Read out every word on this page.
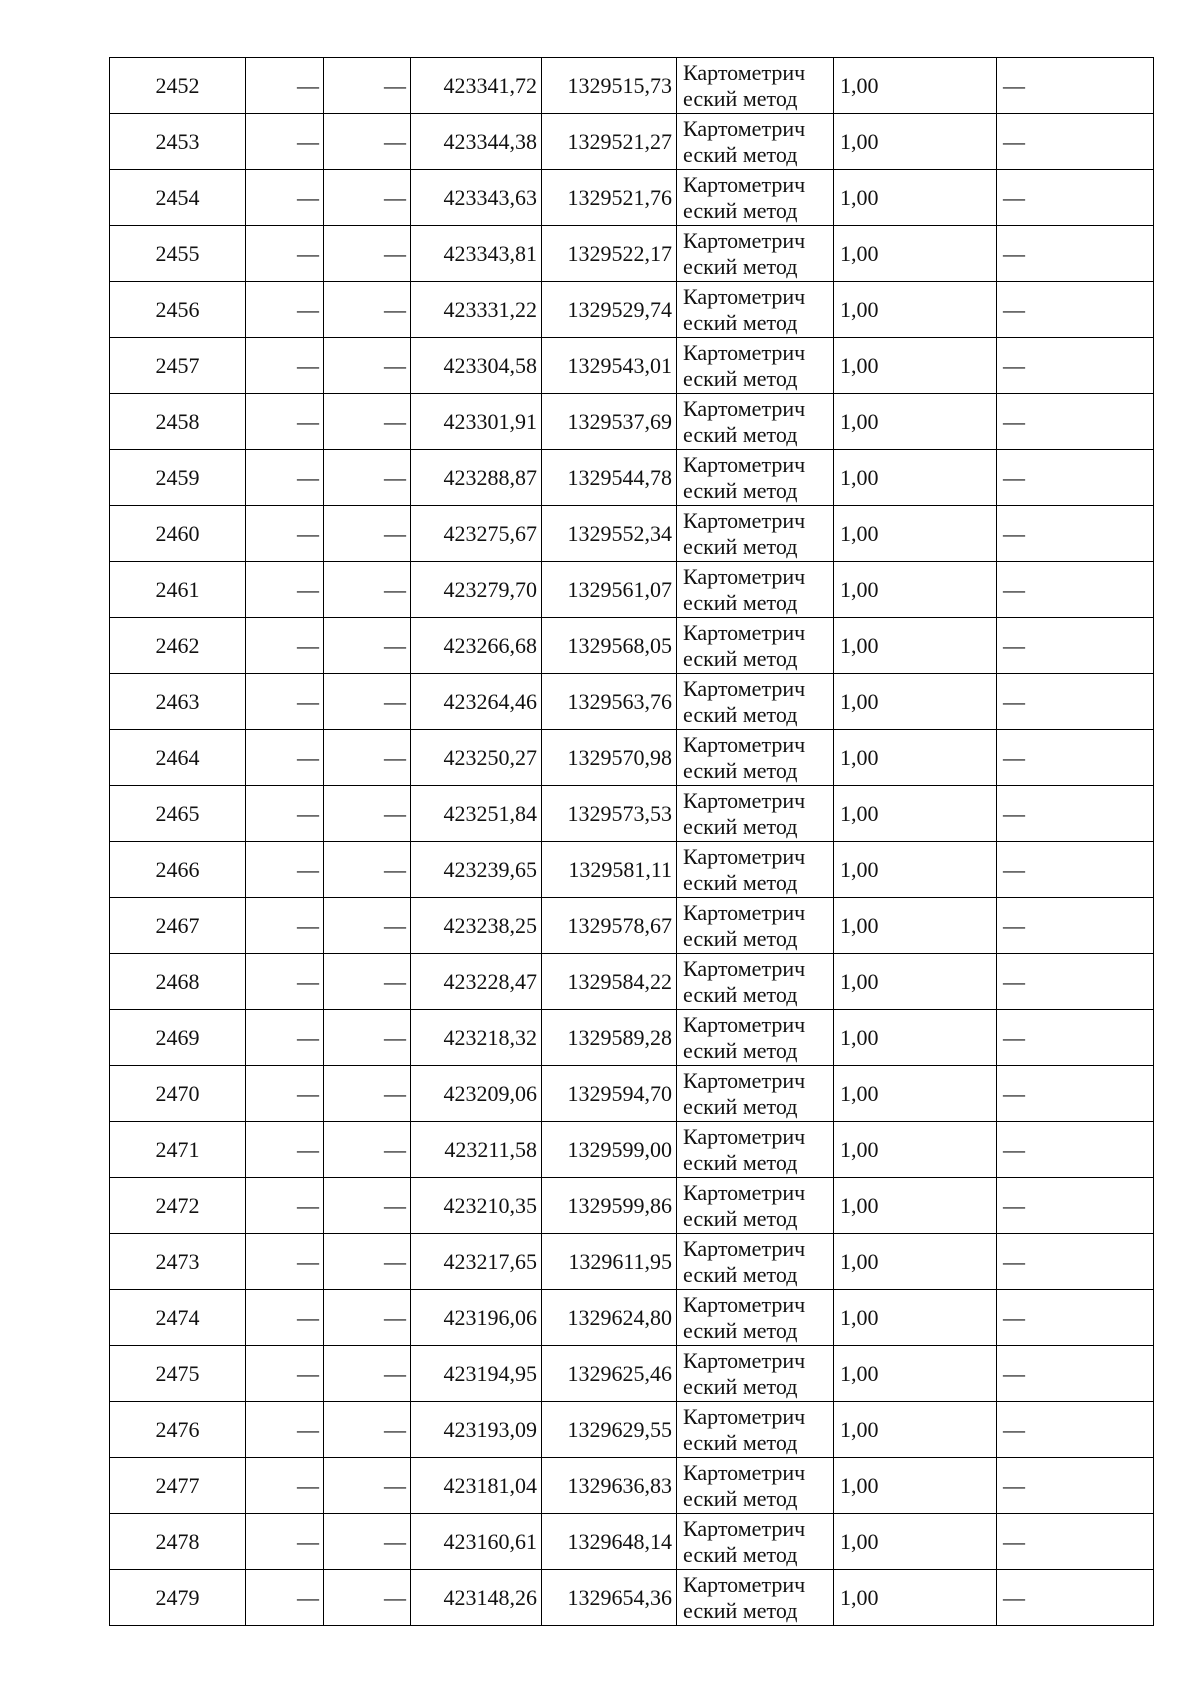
2452	—	—	423341,72	1329515,73	Картометрич еский метод	1,00	—
2453	—	—	423344,38	1329521,27	Картометрич еский метод	1,00	—
2454	—	—	423343,63	1329521,76	Картометрич еский метод	1,00	—
2455	—	—	423343,81	1329522,17	Картометрич еский метод	1,00	—
2456	—	—	423331,22	1329529,74	Картометрич еский метод	1,00	—
2457	—	—	423304,58	1329543,01	Картометрич еский метод	1,00	—
2458	—	—	423301,91	1329537,69	Картометрич еский метод	1,00	—
2459	—	—	423288,87	1329544,78	Картометрич еский метод	1,00	—
2460	—	—	423275,67	1329552,34	Картометрич еский метод	1,00	—
2461	—	—	423279,70	1329561,07	Картометрич еский метод	1,00	—
2462	—	—	423266,68	1329568,05	Картометрич еский метод	1,00	—
2463	—	—	423264,46	1329563,76	Картометрич еский метод	1,00	—
2464	—	—	423250,27	1329570,98	Картометрич еский метод	1,00	—
2465	—	—	423251,84	1329573,53	Картометрич еский метод	1,00	—
2466	—	—	423239,65	1329581,11	Картометрич еский метод	1,00	—
2467	—	—	423238,25	1329578,67	Картометрич еский метод	1,00	—
2468	—	—	423228,47	1329584,22	Картометрич еский метод	1,00	—
2469	—	—	423218,32	1329589,28	Картометрич еский метод	1,00	—
2470	—	—	423209,06	1329594,70	Картометрич еский метод	1,00	—
2471	—	—	423211,58	1329599,00	Картометрич еский метод	1,00	—
2472	—	—	423210,35	1329599,86	Картометрич еский метод	1,00	—
2473	—	—	423217,65	1329611,95	Картометрич еский метод	1,00	—
2474	—	—	423196,06	1329624,80	Картометрич еский метод	1,00	—
2475	—	—	423194,95	1329625,46	Картометрич еский метод	1,00	—
2476	—	—	423193,09	1329629,55	Картометрич еский метод	1,00	—
2477	—	—	423181,04	1329636,83	Картометрич еский метод	1,00	—
2478	—	—	423160,61	1329648,14	Картометрич еский метод	1,00	—
2479	—	—	423148,26	1329654,36	Картометрич еский метод	1,00	—
